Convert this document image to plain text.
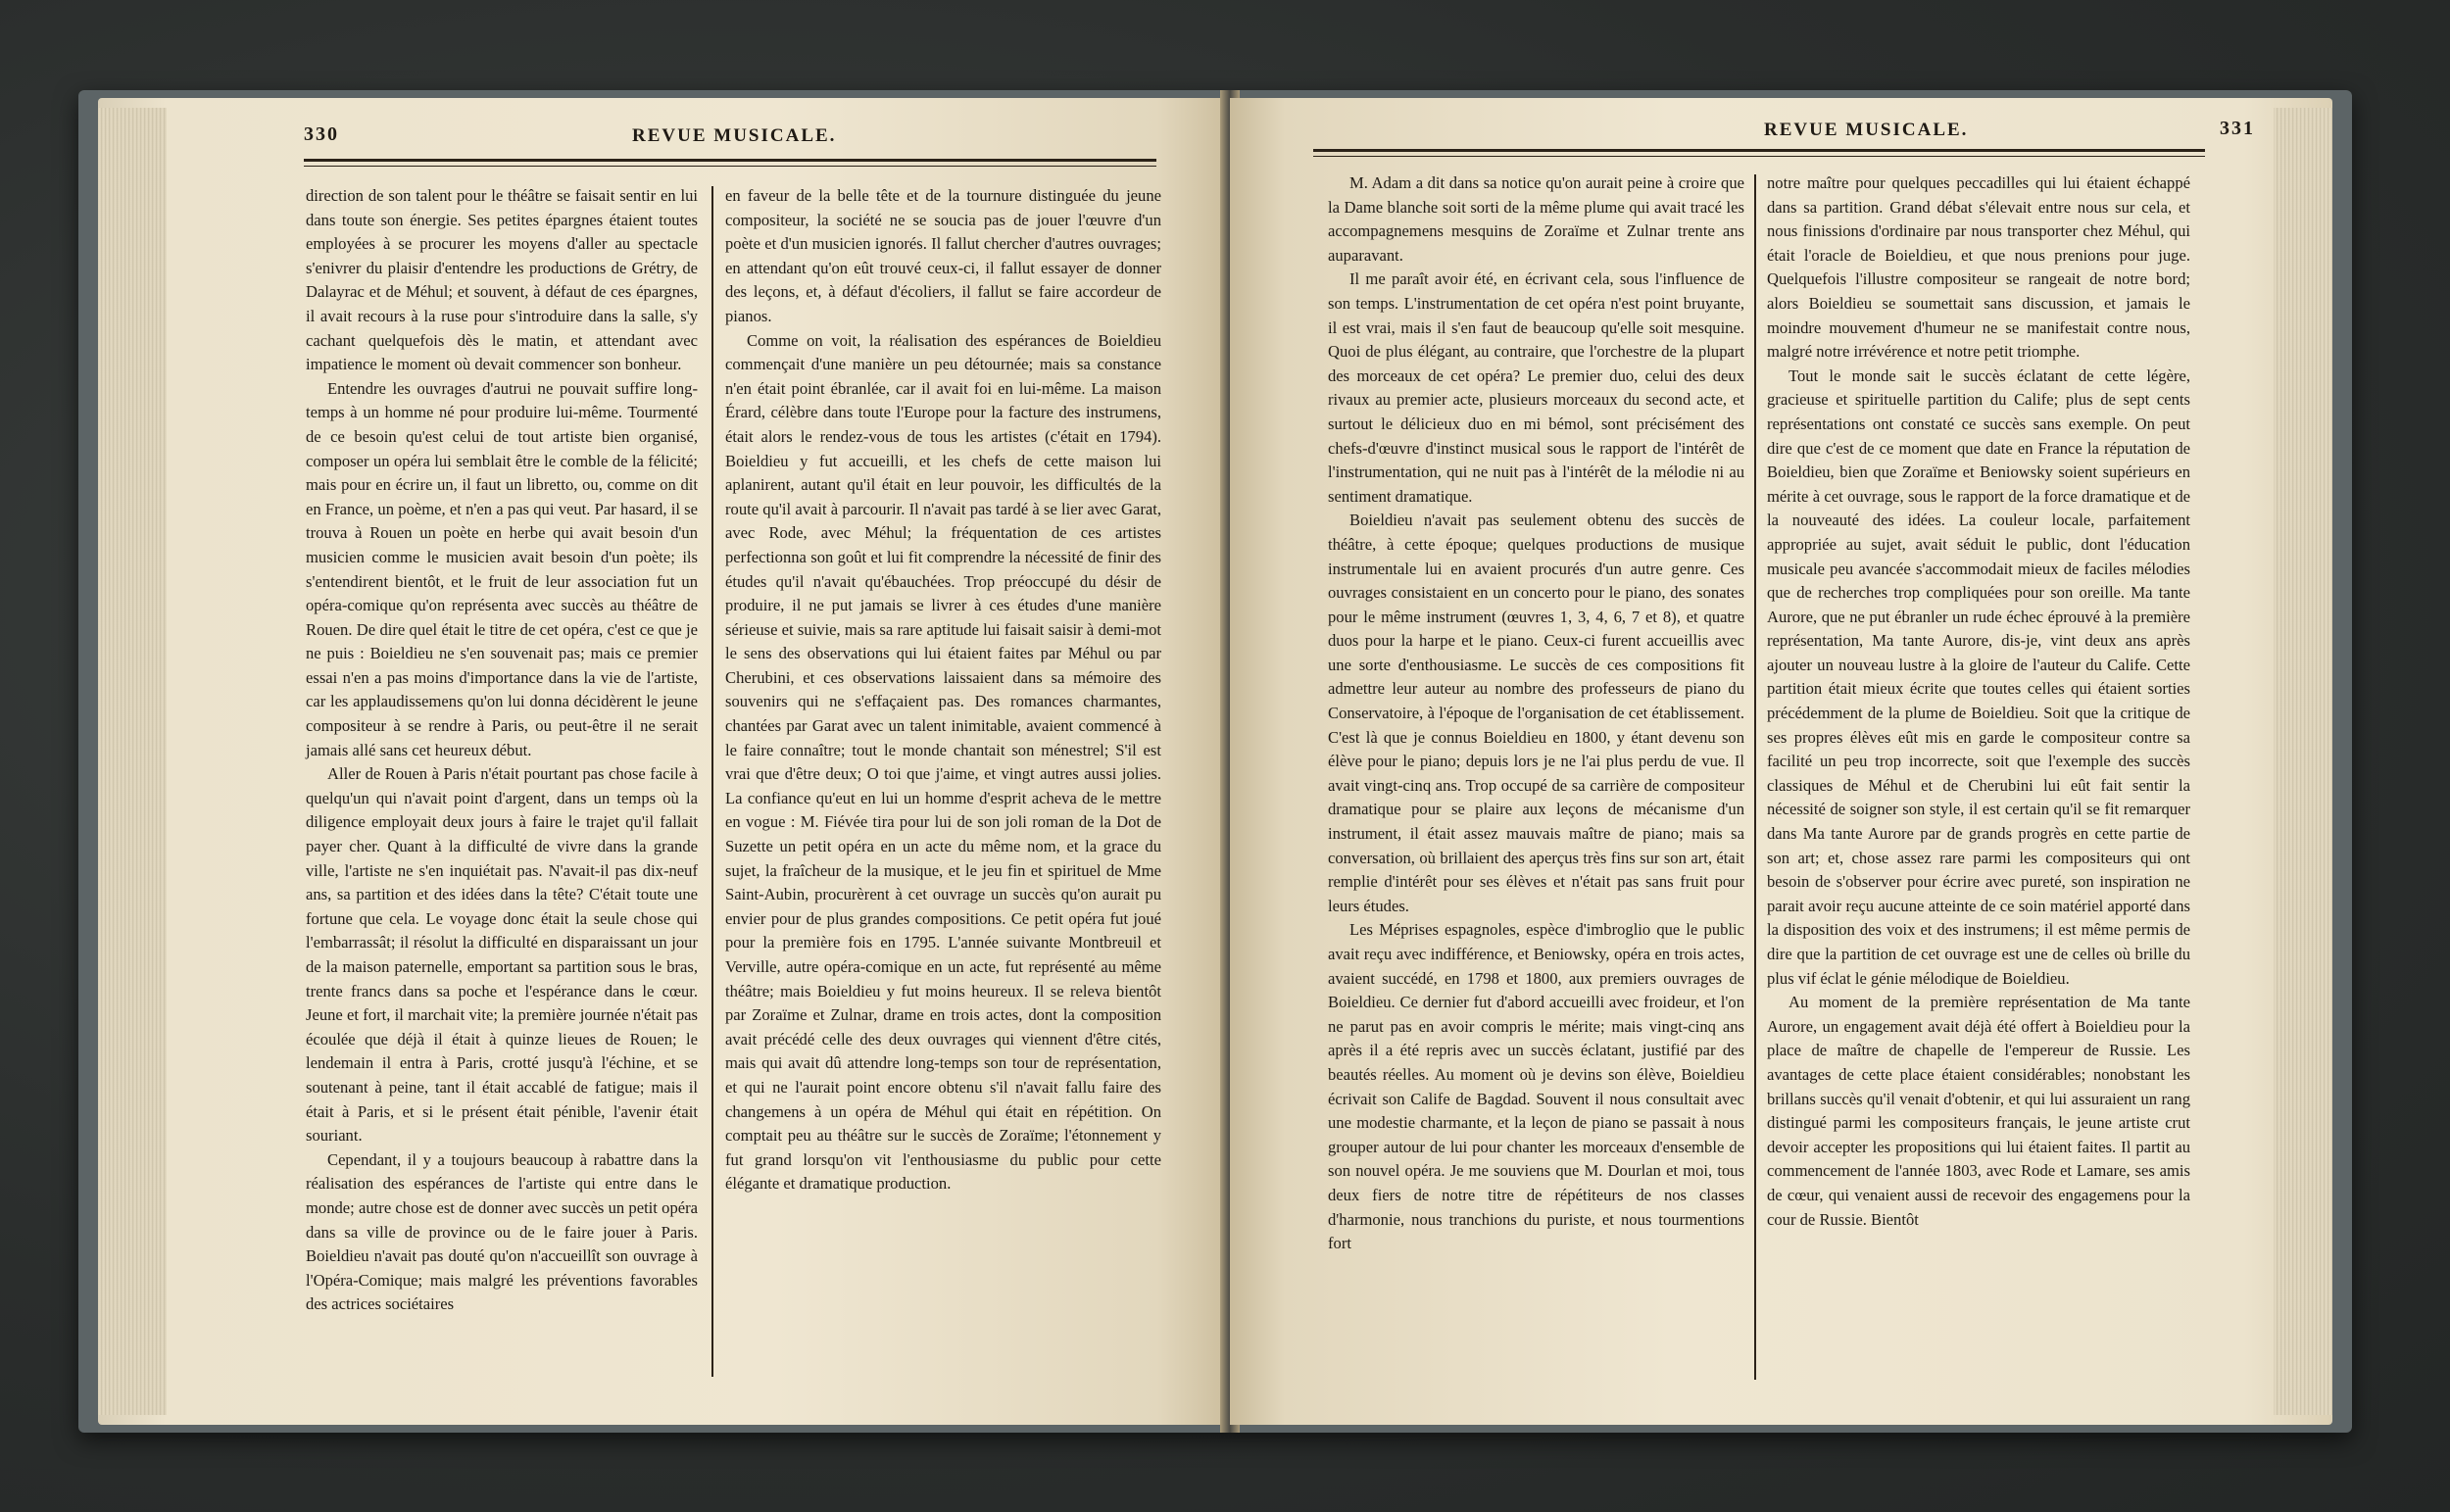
330	REVUE MUSICALE.

direction de son talent pour le théâtre se faisait sentir en lui dans toute son énergie. Ses petites épargnes étaient toutes employées à se procurer les moyens d'aller au spectacle s'enivrer du plaisir d'entendre les productions de Grétry, de Dalayrac et de Méhul; et souvent, à défaut de ces épargnes, il avait recours à la ruse pour s'introduire dans la salle, s'y cachant quelquefois dès le matin, et attendant avec impatience le moment où devait commencer son bonheur.

Entendre les ouvrages d'autrui ne pouvait suffire long-temps à un homme né pour produire lui-même. Tourmenté de ce besoin qu'est celui de tout artiste bien organisé, composer un opéra lui semblait être le comble de la félicité; mais pour en écrire un, il faut un libretto, ou, comme on dit en France, un poème, et n'en a pas qui veut. Par hasard, il se trouva à Rouen un poète en herbe qui avait besoin d'un musicien comme le musicien avait besoin d'un poète; ils s'entendirent bientôt, et le fruit de leur association fut un opéra-comique qu'on représenta avec succès au théâtre de Rouen. De dire quel était le titre de cet opéra, c'est ce que je ne puis : Boieldieu ne s'en souvenait pas; mais ce premier essai n'en a pas moins d'importance dans la vie de l'artiste, car les applaudissemens qu'on lui donna décidèrent le jeune compositeur à se rendre à Paris, ou peut-être il ne serait jamais allé sans cet heureux début.

Aller de Rouen à Paris n'était pourtant pas chose facile à quelqu'un qui n'avait point d'argent, dans un temps où la diligence employait deux jours à faire le trajet qu'il fallait payer cher. Quant à la difficulté de vivre dans la grande ville, l'artiste ne s'en inquiétait pas. N'avait-il pas dix-neuf ans, sa partition et des idées dans la tête? C'était toute une fortune que cela. Le voyage donc était la seule chose qui l'embarrassât; il résolut la difficulté en disparaissant un jour de la maison paternelle, emportant sa partition sous le bras, trente francs dans sa poche et l'espérance dans le cœur. Jeune et fort, il marchait vite; la première journée n'était pas écoulée que déjà il était à quinze lieues de Rouen; le lendemain il entra à Paris, crotté jusqu'à l'échine, et se soutenant à peine, tant il était accablé de fatigue; mais il était à Paris, et si le présent était pénible, l'avenir était souriant.

Cependant, il y a toujours beaucoup à rabattre dans la réalisation des espérances de l'artiste qui entre dans le monde; autre chose est de donner avec succès un petit opéra dans sa ville de province ou de le faire jouer à Paris. Boieldieu n'avait pas douté qu'on n'accueillît son ouvrage à l'Opéra-Comique; mais malgré les préventions favorables des actrices sociétaires

en faveur de la belle tête et de la tournure distinguée du jeune compositeur, la société ne se soucia pas de jouer l'œuvre d'un poète et d'un musicien ignorés. Il fallut chercher d'autres ouvrages; en attendant qu'on eût trouvé ceux-ci, il fallut essayer de donner des leçons, et, à défaut d'écoliers, il fallut se faire accordeur de pianos.

Comme on voit, la réalisation des espérances de Boieldieu commençait d'une manière un peu détournée; mais sa constance n'en était point ébranlée, car il avait foi en lui-même. La maison Érard, célèbre dans toute l'Europe pour la facture des instrumens, était alors le rendez-vous de tous les artistes (c'était en 1794). Boieldieu y fut accueilli, et les chefs de cette maison lui aplanirent, autant qu'il était en leur pouvoir, les difficultés de la route qu'il avait à parcourir. Il n'avait pas tardé à se lier avec Garat, avec Rode, avec Méhul; la fréquentation de ces artistes perfectionna son goût et lui fit comprendre la nécessité de finir des études qu'il n'avait qu'ébauchées. Trop préoccupé du désir de produire, il ne put jamais se livrer à ces études d'une manière sérieuse et suivie, mais sa rare aptitude lui faisait saisir à demi-mot le sens des observations qui lui étaient faites par Méhul ou par Cherubini, et ces observations laissaient dans sa mémoire des souvenirs qui ne s'effaçaient pas. Des romances charmantes, chantées par Garat avec un talent inimitable, avaient commencé à le faire connaître; tout le monde chantait son ménestrel; S'il est vrai que d'être deux; O toi que j'aime, et vingt autres aussi jolies. La confiance qu'eut en lui un homme d'esprit acheva de le mettre en vogue : M. Fiévée tira pour lui de son joli roman de la Dot de Suzette un petit opéra en un acte du même nom, et la grace du sujet, la fraîcheur de la musique, et le jeu fin et spirituel de Mme Saint-Aubin, procurèrent à cet ouvrage un succès qu'on aurait pu envier pour de plus grandes compositions. Ce petit opéra fut joué pour la première fois en 1795. L'année suivante Montbreuil et Verville, autre opéra-comique en un acte, fut représenté au même théâtre; mais Boieldieu y fut moins heureux. Il se releva bientôt par Zoraïme et Zulnar, drame en trois actes, dont la composition avait précédé celle des deux ouvrages qui viennent d'être cités, mais qui avait dû attendre long-temps son tour de représentation, et qui ne l'aurait point encore obtenu s'il n'avait fallu faire des changemens à un opéra de Méhul qui était en répétition. On comptait peu au théâtre sur le succès de Zoraïme; l'étonnement y fut grand lorsqu'on vit l'enthousiasme du public pour cette élégante et dramatique production.

REVUE MUSICALE.	331

M. Adam a dit dans sa notice qu'on aurait peine à croire que la Dame blanche soit sorti de la même plume qui avait tracé les accompagnemens mesquins de Zoraïme et Zulnar trente ans auparavant.

Il me paraît avoir été, en écrivant cela, sous l'influence de son temps. L'instrumentation de cet opéra n'est point bruyante, il est vrai, mais il s'en faut de beaucoup qu'elle soit mesquine. Quoi de plus élégant, au contraire, que l'orchestre de la plupart des morceaux de cet opéra? Le premier duo, celui des deux rivaux au premier acte, plusieurs morceaux du second acte, et surtout le délicieux duo en mi bémol, sont précisément des chefs-d'œuvre d'instinct musical sous le rapport de l'intérêt de l'instrumentation, qui ne nuit pas à l'intérêt de la mélodie ni au sentiment dramatique.

Boieldieu n'avait pas seulement obtenu des succès de théâtre, à cette époque; quelques productions de musique instrumentale lui en avaient procurés d'un autre genre. Ces ouvrages consistaient en un concerto pour le piano, des sonates pour le même instrument (œuvres 1, 3, 4, 6, 7 et 8), et quatre duos pour la harpe et le piano. Ceux-ci furent accueillis avec une sorte d'enthousiasme. Le succès de ces compositions fit admettre leur auteur au nombre des professeurs de piano du Conservatoire, à l'époque de l'organisation de cet établissement. C'est là que je connus Boieldieu en 1800, y étant devenu son élève pour le piano; depuis lors je ne l'ai plus perdu de vue. Il avait vingt-cinq ans. Trop occupé de sa carrière de compositeur dramatique pour se plaire aux leçons de mécanisme d'un instrument, il était assez mauvais maître de piano; mais sa conversation, où brillaient des aperçus très fins sur son art, était remplie d'intérêt pour ses élèves et n'était pas sans fruit pour leurs études.

Les Méprises espagnoles, espèce d'imbroglio que le public avait reçu avec indifférence, et Beniowsky, opéra en trois actes, avaient succédé, en 1798 et 1800, aux premiers ouvrages de Boieldieu. Ce dernier fut d'abord accueilli avec froideur, et l'on ne parut pas en avoir compris le mérite; mais vingt-cinq ans après il a été repris avec un succès éclatant, justifié par des beautés réelles. Au moment où je devins son élève, Boieldieu écrivait son Calife de Bagdad. Souvent il nous consultait avec une modestie charmante, et la leçon de piano se passait à nous grouper autour de lui pour chanter les morceaux d'ensemble de son nouvel opéra. Je me souviens que M. Dourlan et moi, tous deux fiers de notre titre de répétiteurs de nos classes d'harmonie, nous tranchions du puriste, et nous tourmentions fort

notre maître pour quelques peccadilles qui lui étaient échappé dans sa partition. Grand débat s'élevait entre nous sur cela, et nous finissions d'ordinaire par nous transporter chez Méhul, qui était l'oracle de Boieldieu, et que nous prenions pour juge. Quelquefois l'illustre compositeur se rangeait de notre bord; alors Boieldieu se soumettait sans discussion, et jamais le moindre mouvement d'humeur ne se manifestait contre nous, malgré notre irrévérence et notre petit triomphe.

Tout le monde sait le succès éclatant de cette légère, gracieuse et spirituelle partition du Calife; plus de sept cents représentations ont constaté ce succès sans exemple. On peut dire que c'est de ce moment que date en France la réputation de Boieldieu, bien que Zoraïme et Beniowsky soient supérieurs en mérite à cet ouvrage, sous le rapport de la force dramatique et de la nouveauté des idées. La couleur locale, parfaitement appropriée au sujet, avait séduit le public, dont l'éducation musicale peu avancée s'accommodait mieux de faciles mélodies que de recherches trop compliquées pour son oreille. Ma tante Aurore, que ne put ébranler un rude échec éprouvé à la première représentation, Ma tante Aurore, dis-je, vint deux ans après ajouter un nouveau lustre à la gloire de l'auteur du Calife. Cette partition était mieux écrite que toutes celles qui étaient sorties précédemment de la plume de Boieldieu. Soit que la critique de ses propres élèves eût mis en garde le compositeur contre sa facilité un peu trop incorrecte, soit que l'exemple des succès classiques de Méhul et de Cherubini lui eût fait sentir la nécessité de soigner son style, il est certain qu'il se fit remarquer dans Ma tante Aurore par de grands progrès en cette partie de son art; et, chose assez rare parmi les compositeurs qui ont besoin de s'observer pour écrire avec pureté, son inspiration ne parait avoir reçu aucune atteinte de ce soin matériel apporté dans la disposition des voix et des instrumens; il est même permis de dire que la partition de cet ouvrage est une de celles où brille du plus vif éclat le génie mélodique de Boieldieu.

Au moment de la première représentation de Ma tante Aurore, un engagement avait déjà été offert à Boieldieu pour la place de maître de chapelle de l'empereur de Russie. Les avantages de cette place étaient considérables; nonobstant les brillans succès qu'il venait d'obtenir, et qui lui assuraient un rang distingué parmi les compositeurs français, le jeune artiste crut devoir accepter les propositions qui lui étaient faites. Il partit au commencement de l'année 1803, avec Rode et Lamare, ses amis de cœur, qui venaient aussi de recevoir des engagemens pour la cour de Russie. Bientôt
